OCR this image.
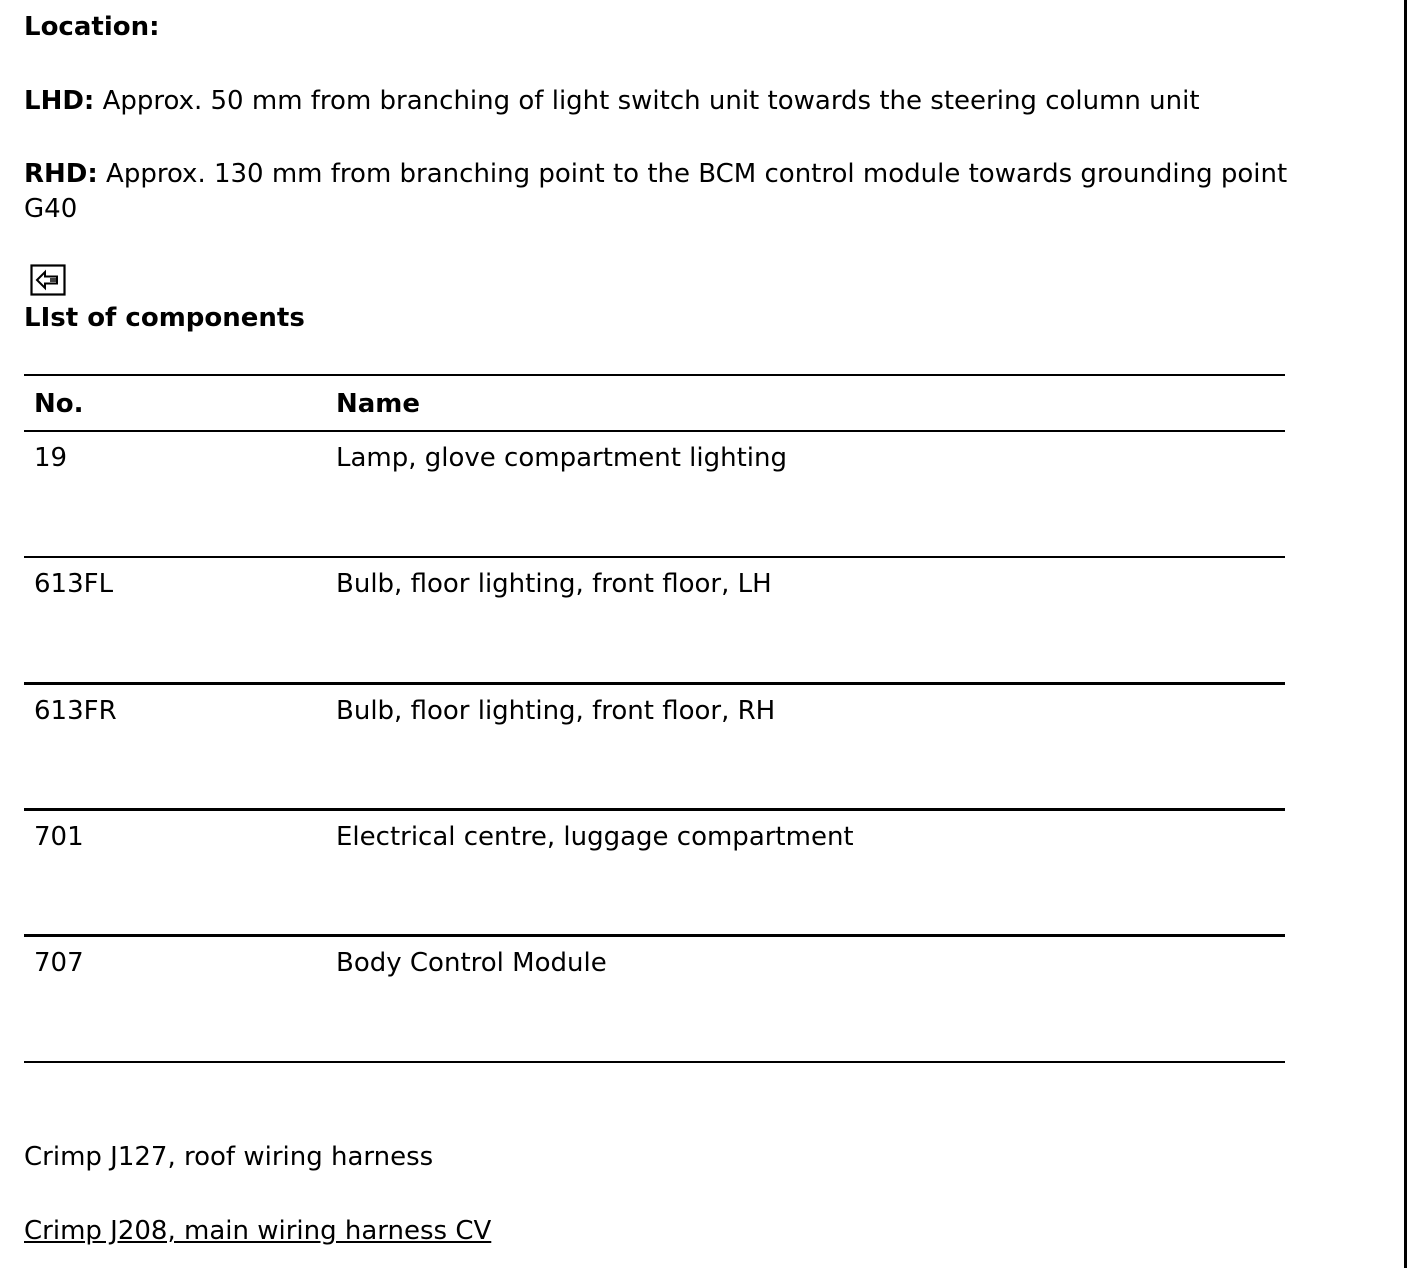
Location:
LHD: Approx. 50 mm from branching of light switch unit towards the steering column unit
RHD: Approx. 130 mm from branching point to the BCM control module towards grounding point
G40
LIst of components
No.	Name
19	Lamp, glove compartment lighting
613FL	Bulb, floor lighting, front floor, LH
613FR	Bulb, floor lighting, front floor, RH
701	Electrical centre, luggage compartment
707	Body Control Module
Crimp J127, roof wiring harness
Crimp J208, main wiring harness CV
